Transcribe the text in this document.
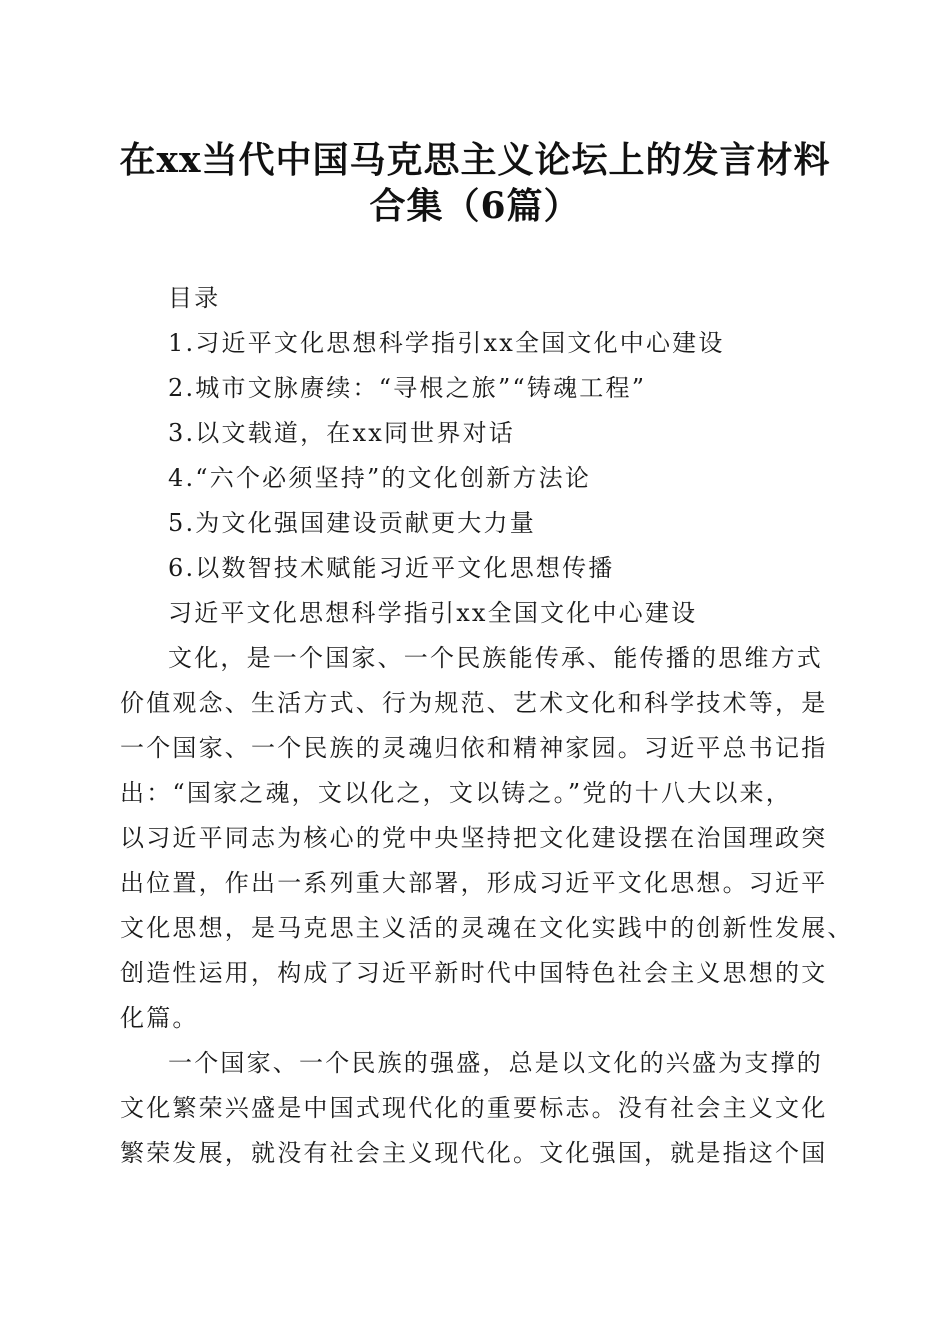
在xx当代中国马克思主义论坛上的发言材料
合集（6篇）
目录
1.习近平文化思想科学指引xx全国文化中心建设
2.城市文脉赓续：“寻根之旅”“铸魂工程”
3.以文载道，在xx同世界对话
4.“六个必须坚持”的文化创新方法论
5.为文化强国建设贡献更大力量
6.以数智技术赋能习近平文化思想传播
习近平文化思想科学指引xx全国文化中心建设
文化，是一个国家、一个民族能传承、能传播的思维方式
价值观念、生活方式、行为规范、艺术文化和科学技术等，是
一个国家、一个民族的灵魂归依和精神家园。习近平总书记指
出：“国家之魂，文以化之，文以铸之。”党的十八大以来，
以习近平同志为核心的党中央坚持把文化建设摆在治国理政突
出位置，作出一系列重大部署，形成习近平文化思想。习近平
文化思想，是马克思主义活的灵魂在文化实践中的创新性发展、
创造性运用，构成了习近平新时代中国特色社会主义思想的文
化篇。
一个国家、一个民族的强盛，总是以文化的兴盛为支撑的
文化繁荣兴盛是中国式现代化的重要标志。没有社会主义文化
繁荣发展，就没有社会主义现代化。文化强国，就是指这个国
